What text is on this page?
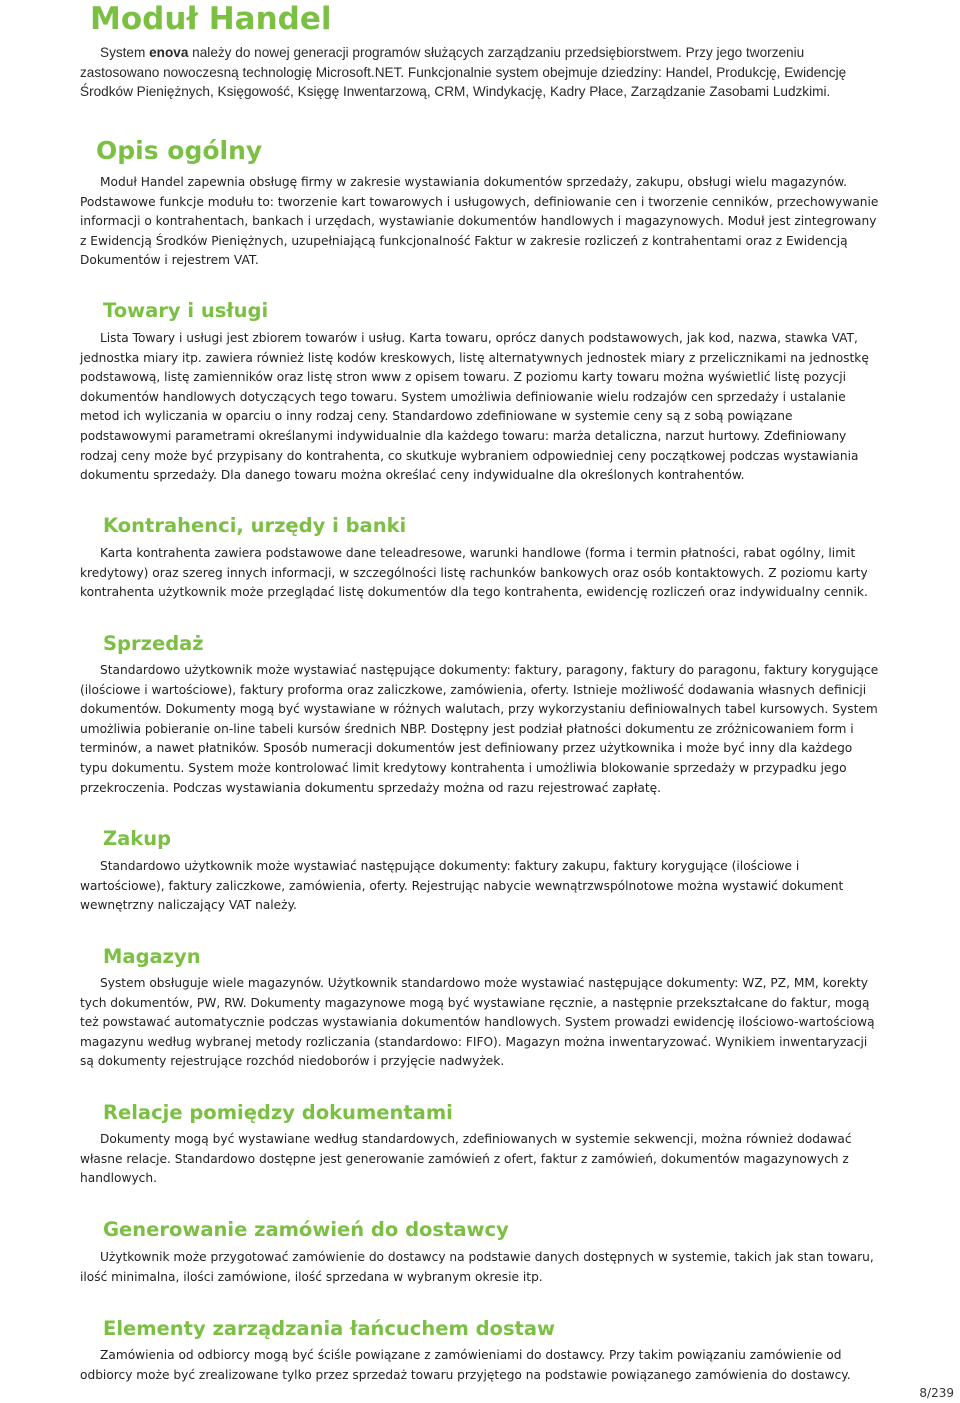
Moduł Handel

System enova należy do nowej generacji programów służących zarządzaniu przedsiębiorstwem. Przy jego tworzeniu zastosowano nowoczesną technologię Microsoft.NET. Funkcjonalnie system obejmuje dziedziny: Handel, Produkcję, Ewidencję Środków Pieniężnych, Księgowość, Księgę Inwentarzową, CRM, Windykację, Kadry Płace, Zarządzanie Zasobami Ludzkimi.

Opis ogólny

Moduł Handel zapewnia obsługę firmy w zakresie wystawiania dokumentów sprzedaży, zakupu, obsługi wielu magazynów. Podstawowe funkcje modułu to: tworzenie kart towarowych i usługowych, definiowanie cen i tworzenie cenników, przechowywanie informacji o kontrahentach, bankach i urzędach, wystawianie dokumentów handlowych i magazynowych. Moduł jest zintegrowany z Ewidencją Środków Pieniężnych, uzupełniającą funkcjonalność Faktur w zakresie rozliczeń z kontrahentami oraz z Ewidencją Dokumentów i rejestrem VAT.

Towary i usługi

Lista Towary i usługi jest zbiorem towarów i usług. Karta towaru, oprócz danych podstawowych, jak kod, nazwa, stawka VAT, jednostka miary itp. zawiera również listę kodów kreskowych, listę alternatywnych jednostek miary z przelicznikami na jednostkę podstawową, listę zamienników oraz listę stron www z opisem towaru. Z poziomu karty towaru można wyświetlić listę pozycji dokumentów handlowych dotyczących tego towaru. System umożliwia definiowanie wielu rodzajów cen sprzedaży i ustalanie metod ich wyliczania w oparciu o inny rodzaj ceny. Standardowo zdefiniowane w systemie ceny są z sobą powiązane podstawowymi parametrami określanymi indywidualnie dla każdego towaru: marża detaliczna, narzut hurtowy. Zdefiniowany rodzaj ceny może być przypisany do kontrahenta, co skutkuje wybraniem odpowiedniej ceny początkowej podczas wystawiania dokumentu sprzedaży. Dla danego towaru można określać ceny indywidualne dla określonych kontrahentów.

Kontrahenci, urzędy i banki

Karta kontrahenta zawiera podstawowe dane teleadresowe, warunki handlowe (forma i termin płatności, rabat ogólny, limit kredytowy) oraz szereg innych informacji, w szczególności listę rachunków bankowych oraz osób kontaktowych. Z poziomu karty kontrahenta użytkownik może przeglądać listę dokumentów dla tego kontrahenta, ewidencję rozliczeń oraz indywidualny cennik.

Sprzedaż

Standardowo użytkownik może wystawiać następujące dokumenty: faktury, paragony, faktury do paragonu, faktury korygujące (ilościowe i wartościowe), faktury proforma oraz zaliczkowe, zamówienia, oferty. Istnieje możliwość dodawania własnych definicji dokumentów. Dokumenty mogą być wystawiane w różnych walutach, przy wykorzystaniu definiowalnych tabel kursowych. System umożliwia pobieranie on-line tabeli kursów średnich NBP. Dostępny jest podział płatności dokumentu ze zróżnicowaniem form i terminów, a nawet płatników. Sposób numeracji dokumentów jest definiowany przez użytkownika i może być inny dla każdego typu dokumentu. System może kontrolować limit kredytowy kontrahenta i umożliwia blokowanie sprzedaży w przypadku jego przekroczenia. Podczas wystawiania dokumentu sprzedaży można od razu rejestrować zapłatę.

Zakup

Standardowo użytkownik może wystawiać następujące dokumenty: faktury zakupu, faktury korygujące (ilościowe i wartościowe), faktury zaliczkowe, zamówienia, oferty. Rejestrując nabycie wewnątrzwspólnotowe można wystawić dokument wewnętrzny naliczający VAT należy.

Magazyn

System obsługuje wiele magazynów. Użytkownik standardowo może wystawiać następujące dokumenty: WZ, PZ, MM, korekty tych dokumentów, PW, RW. Dokumenty magazynowe mogą być wystawiane ręcznie, a następnie przekształcane do faktur, mogą też powstawać automatycznie podczas wystawiania dokumentów handlowych. System prowadzi ewidencję ilościowo-wartościową magazynu według wybranej metody rozliczania (standardowo: FIFO). Magazyn można inwentaryzować. Wynikiem inwentaryzacji są dokumenty rejestrujące rozchód niedoborów i przyjęcie nadwyżek.

Relacje pomiędzy dokumentami

Dokumenty mogą być wystawiane według standardowych, zdefiniowanych w systemie sekwencji, można również dodawać własne relacje. Standardowo dostępne jest generowanie zamówień z ofert, faktur z zamówień, dokumentów magazynowych z handlowych.

Generowanie zamówień do dostawcy

Użytkownik może przygotować zamówienie do dostawcy na podstawie danych dostępnych w systemie, takich jak stan towaru, ilość minimalna, ilości zamówione, ilość sprzedana w wybranym okresie itp.

Elementy zarządzania łańcuchem dostaw

Zamówienia od odbiorcy mogą być ściśle powiązane z zamówieniami do dostawcy. Przy takim powiązaniu zamówienie od odbiorcy może być zrealizowane tylko przez sprzedaż towaru przyjętego na podstawie powiązanego zamówienia do dostawcy.

8/239
